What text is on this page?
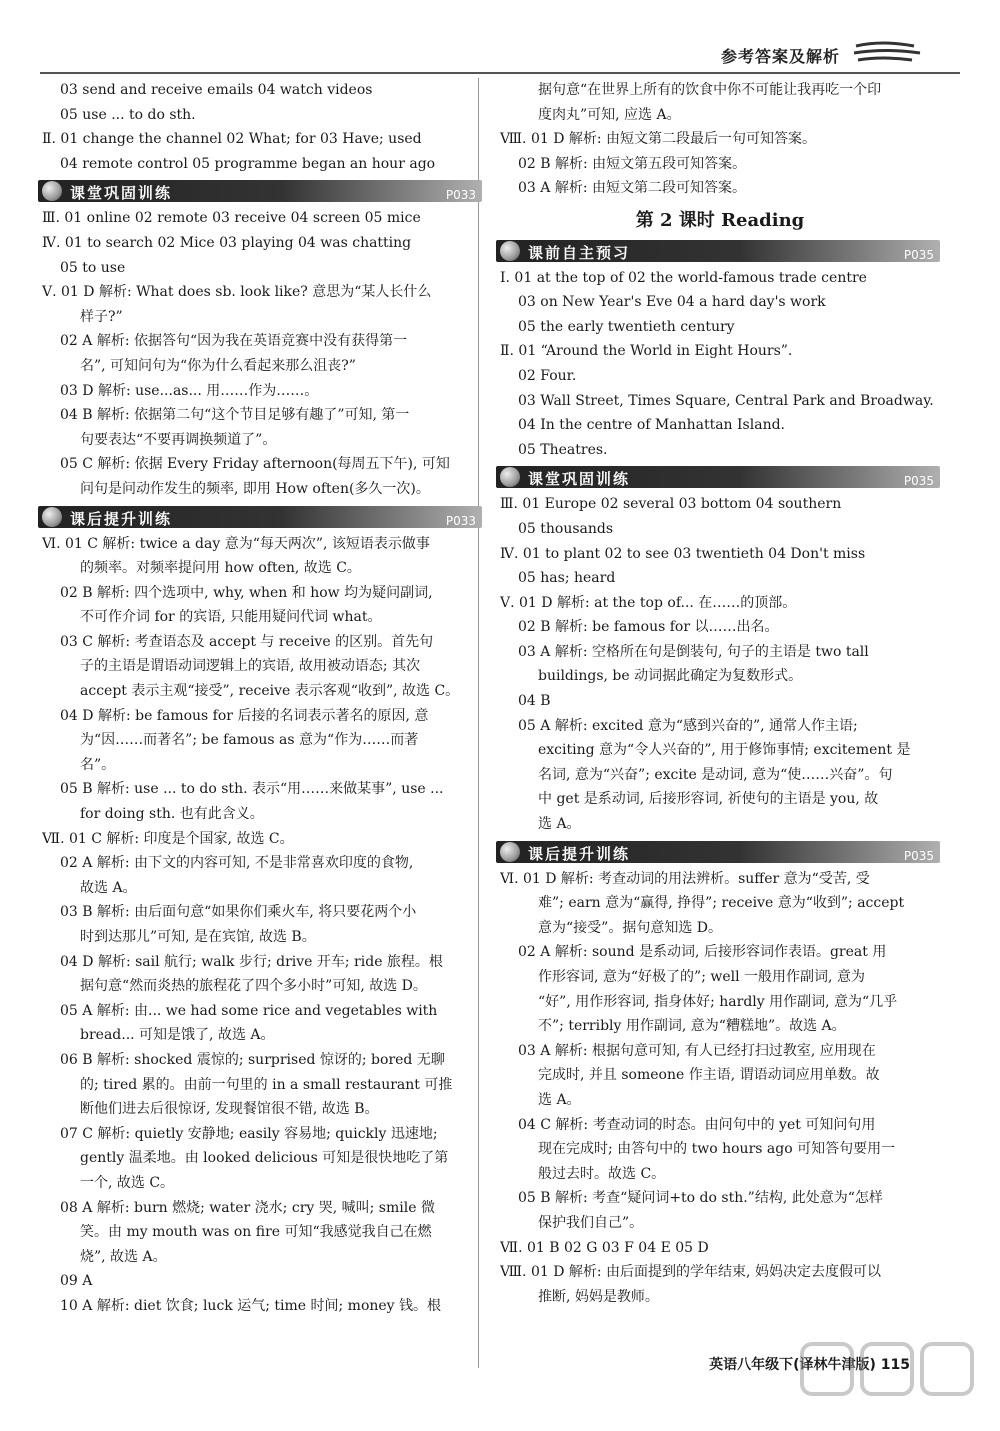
参考答案及解析
03 send and receive emails 04 watch videos
05 use ... to do sth.
Ⅱ. 01 change the channel 02 What; for 03 Have; used
04 remote control 05 programme began an hour ago
课堂巩固训练	P033
Ⅲ. 01 online 02 remote 03 receive 04 screen 05 mice
Ⅳ. 01 to search 02 Mice 03 playing 04 was chatting
05 to use
Ⅴ. 01 D 解析: What does sb. look like? 意思为“某人长什么
样子?”
02 A 解析: 依据答句“因为我在英语竞赛中没有获得第一
名”, 可知问句为“你为什么看起来那么沮丧?”
03 D 解析: use...as... 用……作为……。
04 B 解析: 依据第二句“这个节目足够有趣了”可知, 第一
句要表达“不要再调换频道了”。
05 C 解析: 依据 Every Friday afternoon(每周五下午), 可知
问句是问动作发生的频率, 即用 How often(多久一次)。
课后提升训练	P033
Ⅵ. 01 C 解析: twice a day 意为“每天两次”, 该短语表示做事
的频率。对频率提问用 how often, 故选 C。
02 B 解析: 四个选项中, why, when 和 how 均为疑问副词,
不可作介词 for 的宾语, 只能用疑问代词 what。
03 C 解析: 考查语态及 accept 与 receive 的区别。首先句
子的主语是谓语动词逻辑上的宾语, 故用被动语态; 其次
accept 表示主观“接受”, receive 表示客观“收到”, 故选 C。
04 D 解析: be famous for 后接的名词表示著名的原因, 意
为“因……而著名”; be famous as 意为“作为……而著
名”。
05 B 解析: use ... to do sth. 表示“用……来做某事”, use ...
for doing sth. 也有此含义。
Ⅶ. 01 C 解析: 印度是个国家, 故选 C。
02 A 解析: 由下文的内容可知, 不是非常喜欢印度的食物,
故选 A。
03 B 解析: 由后面句意“如果你们乘火车, 将只要花两个小
时到达那儿”可知, 是在宾馆, 故选 B。
04 D 解析: sail 航行; walk 步行; drive 开车; ride 旅程。根
据句意“然而炎热的旅程花了四个多小时”可知, 故选 D。
05 A 解析: 由... we had some rice and vegetables with
bread... 可知是饿了, 故选 A。
06 B 解析: shocked 震惊的; surprised 惊讶的; bored 无聊
的; tired 累的。由前一句里的 in a small restaurant 可推
断他们进去后很惊讶, 发现餐馆很不错, 故选 B。
07 C 解析: quietly 安静地; easily 容易地; quickly 迅速地;
gently 温柔地。由 looked delicious 可知是很快地吃了第
一个, 故选 C。
08 A 解析: burn 燃烧; water 浇水; cry 哭, 喊叫; smile 微
笑。由 my mouth was on fire 可知“我感觉我自己在燃
烧”, 故选 A。
09 A
10 A 解析: diet 饮食; luck 运气; time 时间; money 钱。根
据句意“在世界上所有的饮食中你不可能让我再吃一个印
度肉丸”可知, 应选 A。
Ⅷ. 01 D 解析: 由短文第二段最后一句可知答案。
02 B 解析: 由短文第五段可知答案。
03 A 解析: 由短文第二段可知答案。
第 2 课时 Reading
课前自主预习	P035
Ⅰ. 01 at the top of 02 the world-famous trade centre
03 on New Year's Eve 04 a hard day's work
05 the early twentieth century
Ⅱ. 01 “Around the World in Eight Hours”.
02 Four.
03 Wall Street, Times Square, Central Park and Broadway.
04 In the centre of Manhattan Island.
05 Theatres.
课堂巩固训练	P035
Ⅲ. 01 Europe 02 several 03 bottom 04 southern
05 thousands
Ⅳ. 01 to plant 02 to see 03 twentieth 04 Don't miss
05 has; heard
Ⅴ. 01 D 解析: at the top of... 在……的顶部。
02 B 解析: be famous for 以……出名。
03 A 解析: 空格所在句是倒装句, 句子的主语是 two tall
buildings, be 动词据此确定为复数形式。
04 B
05 A 解析: excited 意为“感到兴奋的”, 通常人作主语;
exciting 意为“令人兴奋的”, 用于修饰事情; excitement 是
名词, 意为“兴奋”; excite 是动词, 意为“使……兴奋”。句
中 get 是系动词, 后接形容词, 祈使句的主语是 you, 故
选 A。
课后提升训练	P035
Ⅵ. 01 D 解析: 考查动词的用法辨析。suffer 意为“受苦, 受
难”; earn 意为“赢得, 挣得”; receive 意为“收到”; accept
意为“接受”。据句意知选 D。
02 A 解析: sound 是系动词, 后接形容词作表语。great 用
作形容词, 意为“好极了的”; well 一般用作副词, 意为
“好”, 用作形容词, 指身体好; hardly 用作副词, 意为“几乎
不”; terribly 用作副词, 意为“糟糕地”。故选 A。
03 A 解析: 根据句意可知, 有人已经打扫过教室, 应用现在
完成时, 并且 someone 作主语, 谓语动词应用单数。故
选 A。
04 C 解析: 考查动词的时态。由问句中的 yet 可知问句用
现在完成时; 由答句中的 two hours ago 可知答句要用一
般过去时。故选 C。
05 B 解析: 考查“疑问词+to do sth.”结构, 此处意为“怎样
保护我们自己”。
Ⅶ. 01 B 02 G 03 F 04 E 05 D
Ⅷ. 01 D 解析: 由后面提到的学年结束, 妈妈决定去度假可以
推断, 妈妈是教师。
英语八年级下(译林牛津版) 115
